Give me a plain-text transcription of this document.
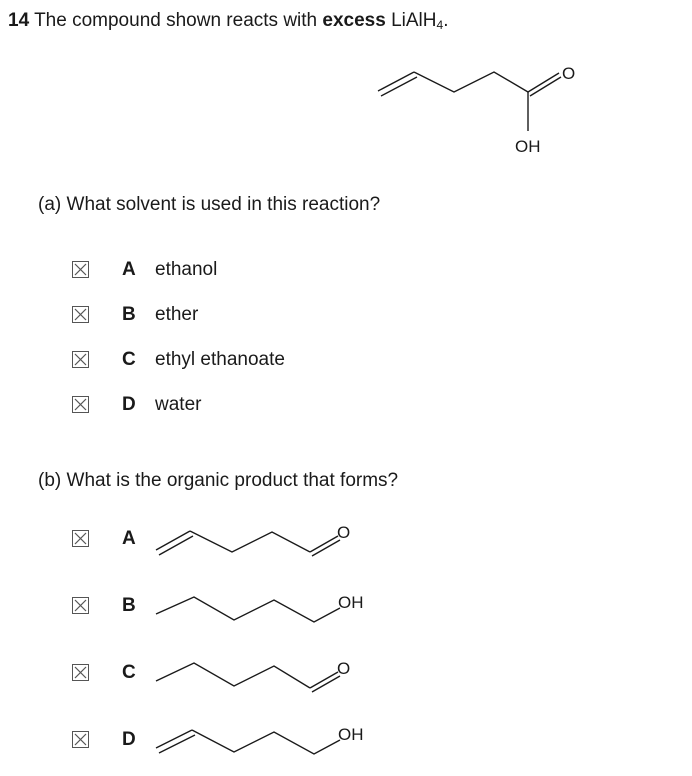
14 The compound shown reacts with excess LiAlH$_4$.
O
OH
(a) What solvent is used in this reaction?
A ethanol
B ether
C ethyl ethanoate
D water
(b) What is the organic product that forms?
A	O
B	OH
C	O
D	OH
